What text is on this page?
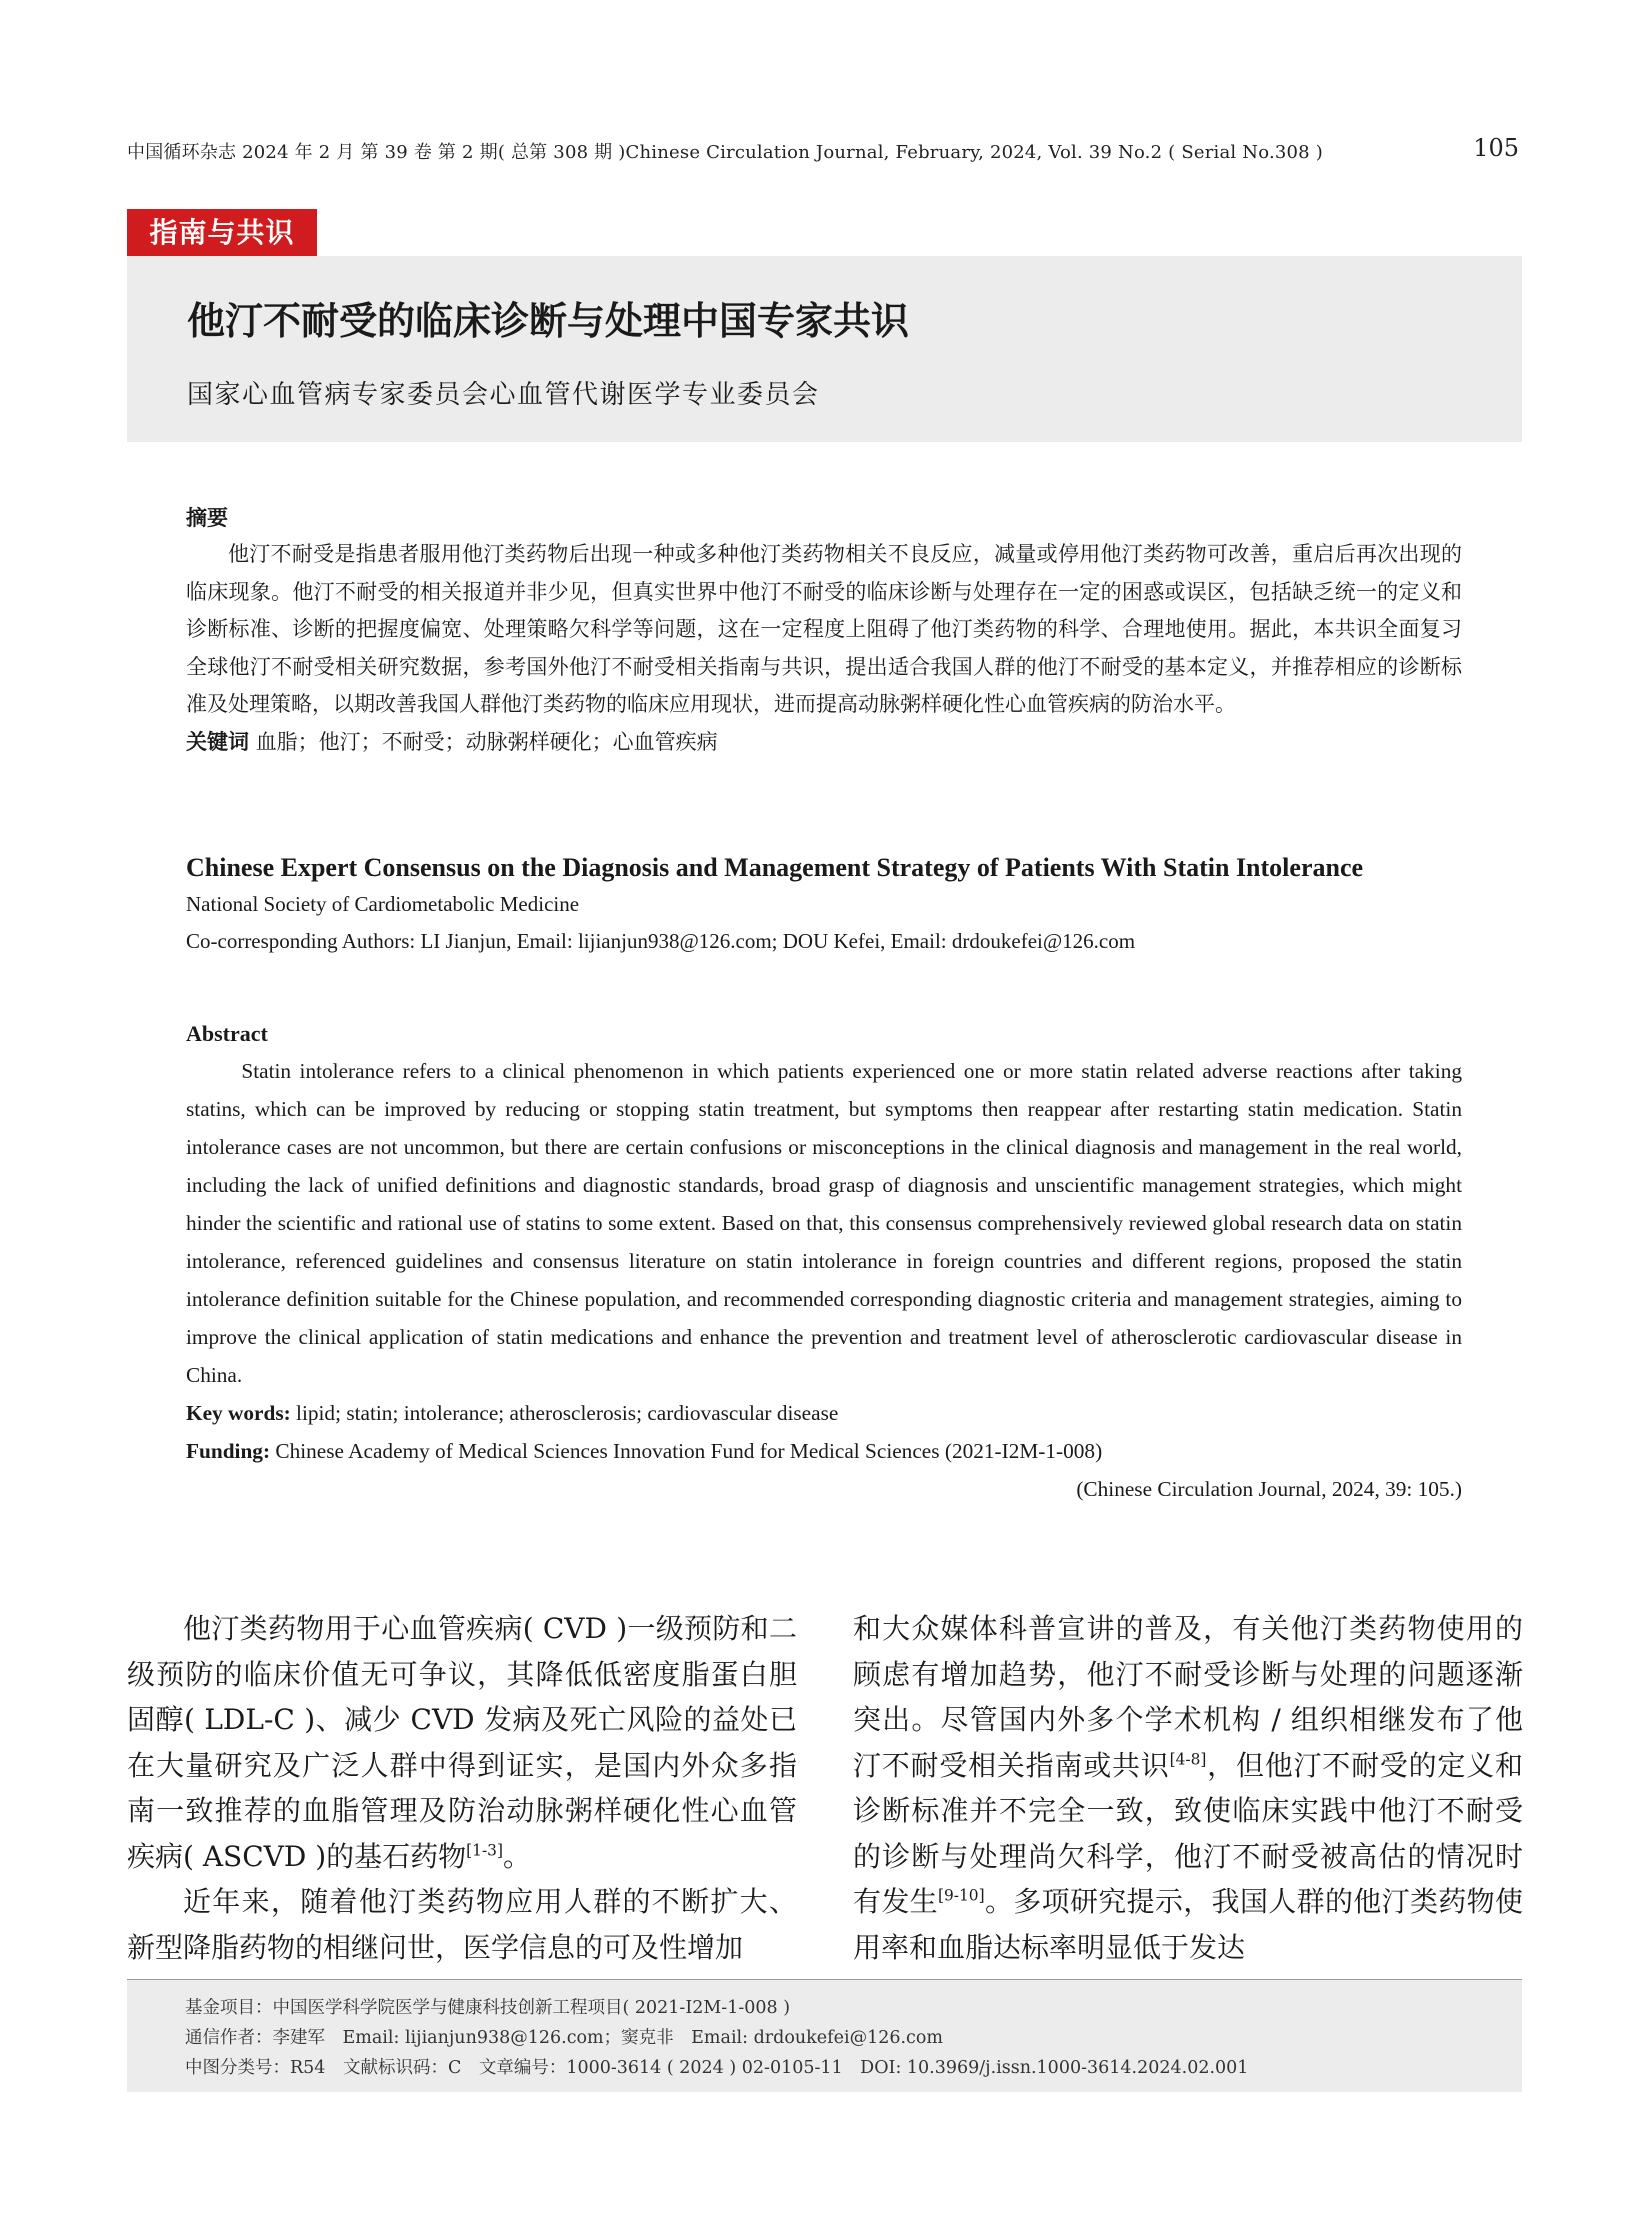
中国循环杂志 2024 年 2 月 第 39 卷 第 2 期( 总第 308 期 )Chinese Circulation Journal, February, 2024, Vol. 39 No.2 ( Serial No.308 )	105
指南与共识
他汀不耐受的临床诊断与处理中国专家共识
国家心血管病专家委员会心血管代谢医学专业委员会
摘要

他汀不耐受是指患者服用他汀类药物后出现一种或多种他汀类药物相关不良反应，减量或停用他汀类药物可改善，重启后再次出现的临床现象。他汀不耐受的相关报道并非少见，但真实世界中他汀不耐受的临床诊断与处理存在一定的困惑或误区，包括缺乏统一的定义和诊断标准、诊断的把握度偏宽、处理策略欠科学等问题，这在一定程度上阻碍了他汀类药物的科学、合理地使用。据此，本共识全面复习全球他汀不耐受相关研究数据，参考国外他汀不耐受相关指南与共识，提出适合我国人群的他汀不耐受的基本定义，并推荐相应的诊断标准及处理策略，以期改善我国人群他汀类药物的临床应用现状，进而提高动脉粥样硬化性心血管疾病的防治水平。

关键词 血脂；他汀；不耐受；动脉粥样硬化；心血管疾病

Chinese Expert Consensus on the Diagnosis and Management Strategy of Patients With Statin Intolerance

National Society of Cardiometabolic Medicine

Co-corresponding Authors: LI Jianjun, Email: lijianjun938@126.com; DOU Kefei, Email: drdoukefei@126.com

Abstract

Statin intolerance refers to a clinical phenomenon in which patients experienced one or more statin related adverse reactions after taking statins, which can be improved by reducing or stopping statin treatment, but symptoms then reappear after restarting statin medication. Statin intolerance cases are not uncommon, but there are certain confusions or misconceptions in the clinical diagnosis and management in the real world, including the lack of unified definitions and diagnostic standards, broad grasp of diagnosis and unscientific management strategies, which might hinder the scientific and rational use of statins to some extent. Based on that, this consensus comprehensively reviewed global research data on statin intolerance, referenced guidelines and consensus literature on statin intolerance in foreign countries and different regions, proposed the statin intolerance definition suitable for the Chinese population, and recommended corresponding diagnostic criteria and management strategies, aiming to improve the clinical application of statin medications and enhance the prevention and treatment level of atherosclerotic cardiovascular disease in China.

Key words: lipid; statin; intolerance; atherosclerosis; cardiovascular disease

Funding: Chinese Academy of Medical Sciences Innovation Fund for Medical Sciences (2021-I2M-1-008)

(Chinese Circulation Journal, 2024, 39: 105.)

他汀类药物用于心血管疾病( CVD )一级预防和二级预防的临床价值无可争议，其降低低密度脂蛋白胆固醇( LDL-C )、减少 CVD 发病及死亡风险的益处已在大量研究及广泛人群中得到证实，是国内外众多指南一致推荐的血脂管理及防治动脉粥样硬化性心血管疾病( ASCVD )的基石药物[1-3]。

近年来，随着他汀类药物应用人群的不断扩大、新型降脂药物的相继问世，医学信息的可及性增加

和大众媒体科普宣讲的普及，有关他汀类药物使用的顾虑有增加趋势，他汀不耐受诊断与处理的问题逐渐突出。尽管国内外多个学术机构 / 组织相继发布了他汀不耐受相关指南或共识[4-8]，但他汀不耐受的定义和诊断标准并不完全一致，致使临床实践中他汀不耐受的诊断与处理尚欠科学，他汀不耐受被高估的情况时有发生[9-10]。多项研究提示，我国人群的他汀类药物使用率和血脂达标率明显低于发达

基金项目：中国医学科学院医学与健康科技创新工程项目( 2021-I2M-1-008 )

通信作者：李建军　Email: lijianjun938@126.com；窦克非　Email: drdoukefei@126.com

中图分类号：R54　文献标识码：C　文章编号：1000-3614 ( 2024 ) 02-0105-11　DOI: 10.3969/j.issn.1000-3614.2024.02.001
